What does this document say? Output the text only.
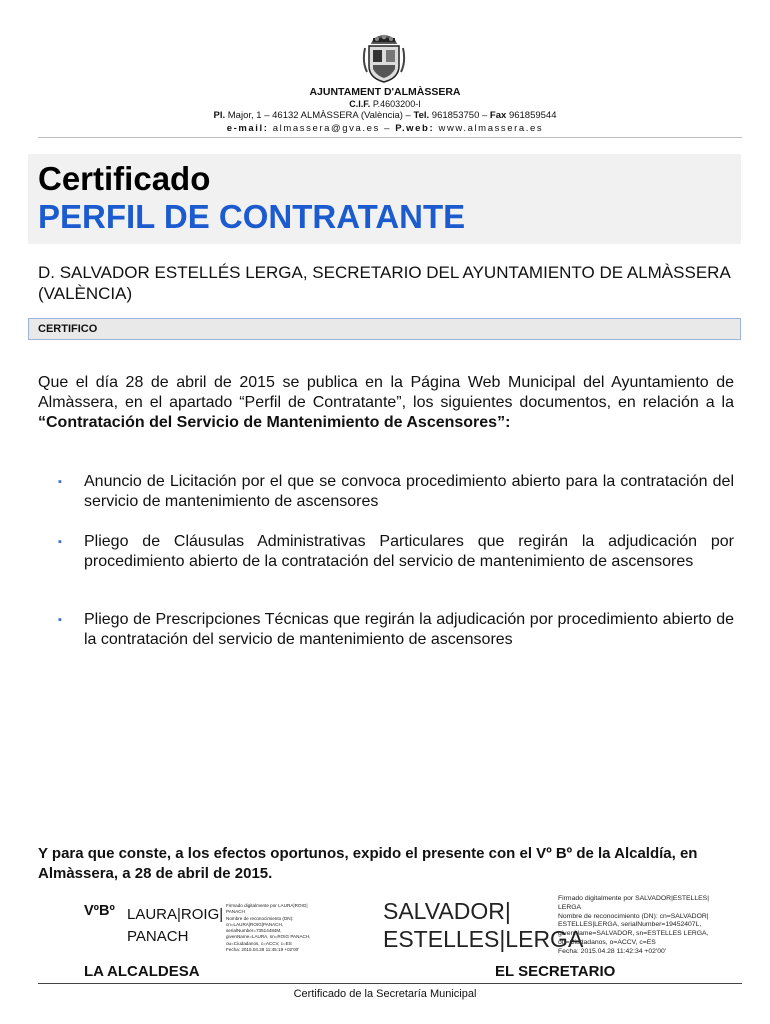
AJUNTAMENT D'ALMÀSSERA
C.I.F. P.4603200-I
Pl. Major, 1 – 46132 ALMÀSSERA (València) – Tel. 961853750 – Fax 961859544
e-mail: almassera@gva.es – P.web: www.almassera.es
Certificado
PERFIL DE CONTRATANTE
D. SALVADOR ESTELLÉS LERGA, SECRETARIO DEL AYUNTAMIENTO DE ALMÀSSERA (VALÈNCIA)
CERTIFICO
Que el día 28 de abril de 2015 se publica en la Página Web Municipal del Ayuntamiento de Almàssera, en el apartado “Perfil de Contratante”, los siguientes documentos, en relación a la “Contratación del Servicio de Mantenimiento de Ascensores”:
▪ Anuncio de Licitación por el que se convoca procedimiento abierto para la contratación del servicio de mantenimiento de ascensores
▪ Pliego de Cláusulas Administrativas Particulares que regirán la adjudicación por procedimiento abierto de la contratación del servicio de mantenimiento de ascensores
▪ Pliego de Prescripciones Técnicas que regirán la adjudicación por procedimiento abierto de la contratación del servicio de mantenimiento de ascensores
Y para que conste, a los efectos oportunos, expido el presente con el Vº Bº de la Alcaldía, en Almàssera, a 28 de abril de 2015.
VºBº LAURA|ROIG|
PANACH
Firmado digitalmente por LAURA|ROIG|
PANACH
Nombre de reconocimiento (DN):
cn=LAURA|ROIG|PANACH,
serialNumber=73514484M,
givenName=LAURA, sn=ROIG PANACH,
ou=Ciudadanos, c=ACCV, c=ES
Fecha: 2015.04.28 11:45:19 +02'00'
SALVADOR|
ESTELLES|LERGA
Firmado digitalmente por SALVADOR|ESTELLES|
LERGA
Nombre de reconocimiento (DN): cn=SALVADOR|
ESTELLES|LERGA, serialNumber=19452407L,
givenName=SALVADOR, sn=ESTELLES LERGA,
ou=Ciudadanos, o=ACCV, c=ES
Fecha: 2015.04.28 11:42:34 +02'00'
LA ALCALDESA	EL SECRETARIO
Certificado de la Secretaría Municipal
